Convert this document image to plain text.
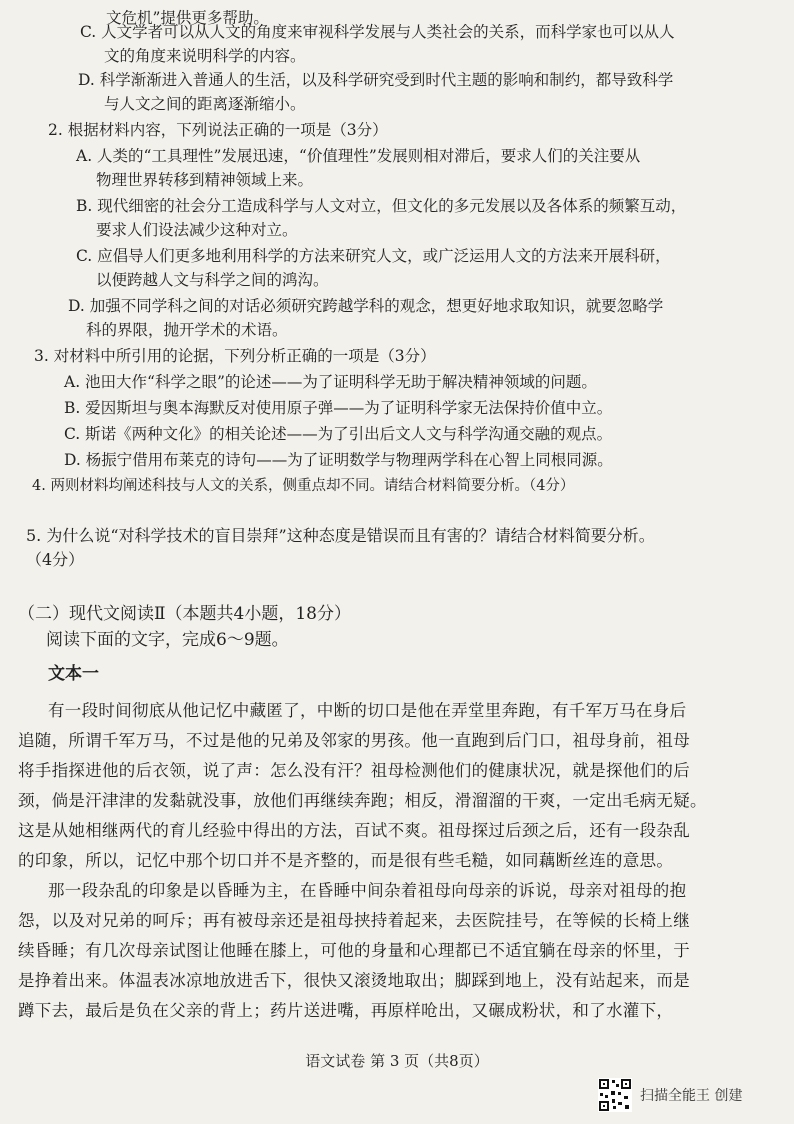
文危机”提供更多帮助。
C. 人文学者可以从人文的角度来审视科学发展与人类社会的关系，而科学家也可以从人
文的角度来说明科学的内容。
D. 科学渐渐进入普通人的生活，以及科学研究受到时代主题的影响和制约，都导致科学
与人文之间的距离逐渐缩小。
2. 根据材料内容，下列说法正确的一项是（3分）
A. 人类的“工具理性”发展迅速，“价值理性”发展则相对滞后，要求人们的关注要从
物理世界转移到精神领域上来。
B. 现代细密的社会分工造成科学与人文对立，但文化的多元发展以及各体系的频繁互动，
要求人们设法减少这种对立。
C. 应倡导人们更多地利用科学的方法来研究人文，或广泛运用人文的方法来开展科研，
以便跨越人文与科学之间的鸿沟。
D. 加强不同学科之间的对话必须研究跨越学科的观念，想更好地求取知识，就要忽略学
科的界限，抛开学术的术语。
3. 对材料中所引用的论据，下列分析正确的一项是（3分）
A. 池田大作“科学之眼”的论述——为了证明科学无助于解决精神领域的问题。
B. 爱因斯坦与奥本海默反对使用原子弹——为了证明科学家无法保持价值中立。
C. 斯诺《两种文化》的相关论述——为了引出后文人文与科学沟通交融的观点。
D. 杨振宁借用布莱克的诗句——为了证明数学与物理两学科在心智上同根同源。
4. 两则材料均阐述科技与人文的关系，侧重点却不同。请结合材料简要分析。（4分）
5. 为什么说“对科学技术的盲目崇拜”这种态度是错误而且有害的？请结合材料简要分析。
（4分）
（二）现代文阅读Ⅱ（本题共4小题，18分）
阅读下面的文字，完成6～9题。
文本一
有一段时间彻底从他记忆中藏匿了，中断的切口是他在弄堂里奔跑，有千军万马在身后
追随，所谓千军万马，不过是他的兄弟及邻家的男孩。他一直跑到后门口，祖母身前，祖母
将手指探进他的后衣领，说了声：怎么没有汗？祖母检测他们的健康状况，就是探他们的后
颈，倘是汗津津的发黏就没事，放他们再继续奔跑；相反，滑溜溜的干爽，一定出毛病无疑。
这是从她相继两代的育儿经验中得出的方法，百试不爽。祖母探过后颈之后，还有一段杂乱
的印象，所以，记忆中那个切口并不是齐整的，而是很有些毛糙，如同藕断丝连的意思。
那一段杂乱的印象是以昏睡为主，在昏睡中间杂着祖母向母亲的诉说，母亲对祖母的抱
怨，以及对兄弟的呵斥；再有被母亲还是祖母挟持着起来，去医院挂号，在等候的长椅上继
续昏睡；有几次母亲试图让他睡在膝上，可他的身量和心理都已不适宜躺在母亲的怀里，于
是挣着出来。体温表冰凉地放进舌下，很快又滚烫地取出；脚踩到地上，没有站起来，而是
蹲下去，最后是负在父亲的背上；药片送进嘴，再原样呛出，又碾成粉状，和了水灌下，
语文试卷 第 3 页（共8页）
扫描全能王 创建
